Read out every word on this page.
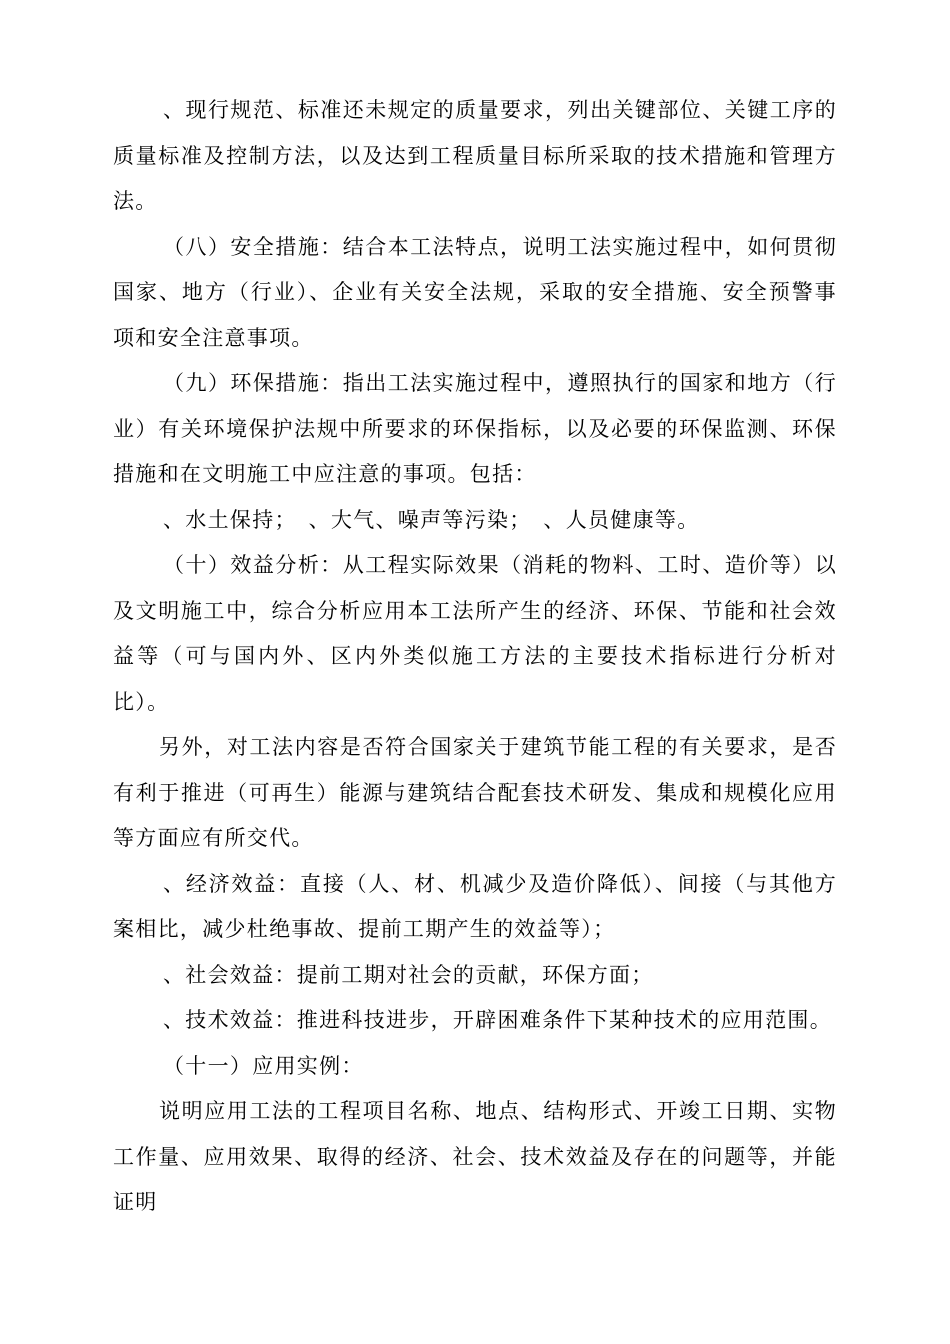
、现行规范、标准还未规定的质量要求，列出关键部位、关键工序的质量标准及控制方法，以及达到工程质量目标所采取的技术措施和管理方法。

（八）安全措施：结合本工法特点，说明工法实施过程中，如何贯彻国家、地方（行业）、企业有关安全法规，采取的安全措施、安全预警事项和安全注意事项。

（九）环保措施：指出工法实施过程中，遵照执行的国家和地方（行业）有关环境保护法规中所要求的环保指标，以及必要的环保监测、环保措施和在文明施工中应注意的事项。包括：

、水土保持；　、大气、噪声等污染；　、人员健康等。

（十）效益分析：从工程实际效果（消耗的物料、工时、造价等）以及文明施工中，综合分析应用本工法所产生的经济、环保、节能和社会效益等（可与国内外、区内外类似施工方法的主要技术指标进行分析对比）。

另外，对工法内容是否符合国家关于建筑节能工程的有关要求，是否有利于推进（可再生）能源与建筑结合配套技术研发、集成和规模化应用等方面应有所交代。

、经济效益：直接（人、材、机减少及造价降低）、间接（与其他方案相比，减少杜绝事故、提前工期产生的效益等）；

、社会效益：提前工期对社会的贡献，环保方面；

、技术效益：推进科技进步，开辟困难条件下某种技术的应用范围。

（十一）应用实例：

说明应用工法的工程项目名称、地点、结构形式、开竣工日期、实物工作量、应用效果、取得的经济、社会、技术效益及存在的问题等，并能证明
